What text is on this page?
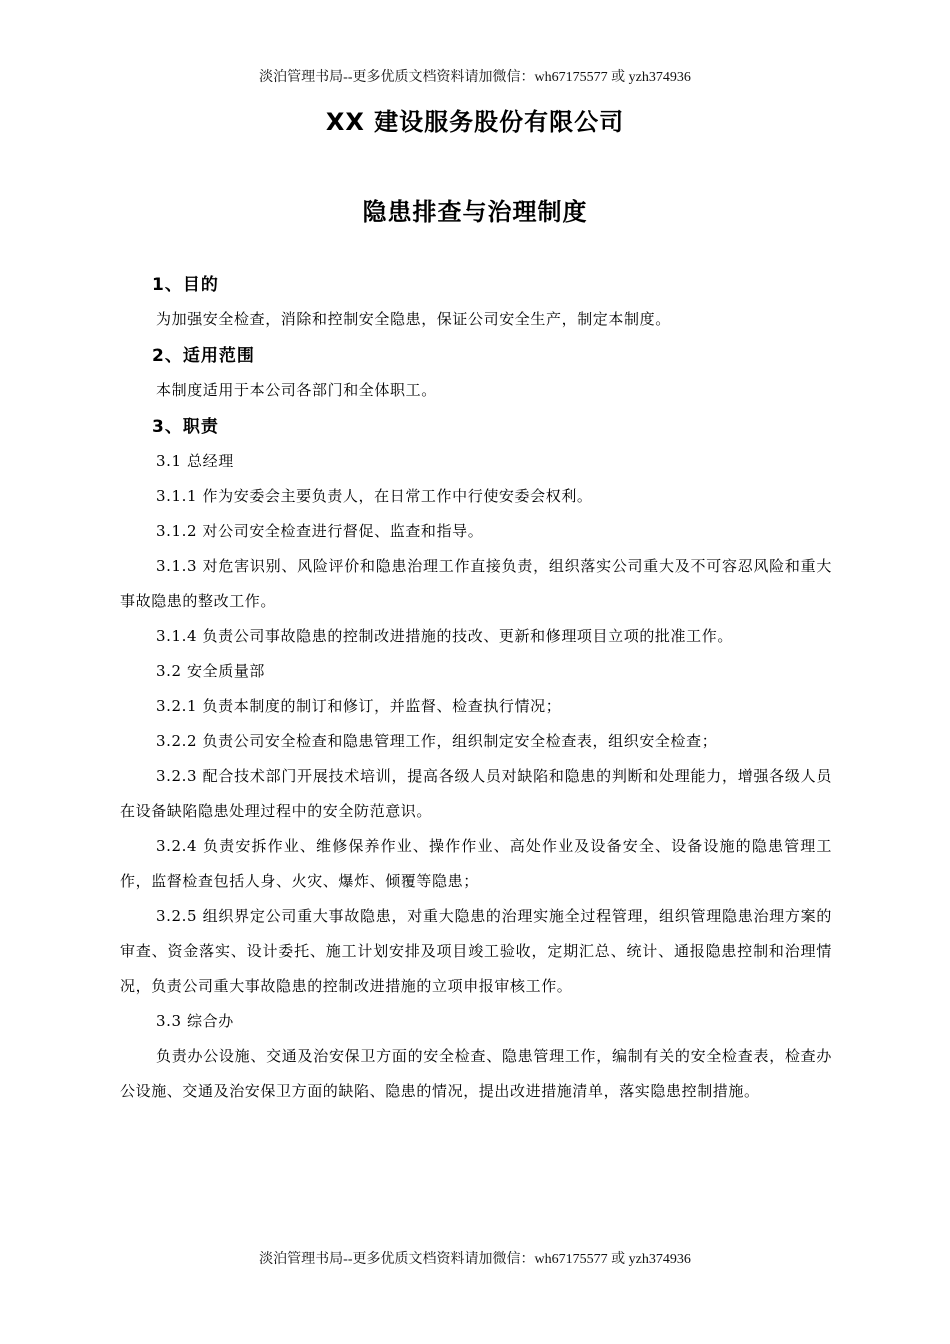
淡泊管理书局--更多优质文档资料请加微信：wh67175577 或 yzh374936
XX 建设服务股份有限公司
隐患排查与治理制度

1、目的

为加强安全检查，消除和控制安全隐患，保证公司安全生产，制定本制度。

2、适用范围

本制度适用于本公司各部门和全体职工。

3、职责

3.1 总经理

3.1.1 作为安委会主要负责人，在日常工作中行使安委会权利。

3.1.2 对公司安全检查进行督促、监查和指导。

3.1.3 对危害识别、风险评价和隐患治理工作直接负责，组织落实公司重大及不可容忍风险和重大事故隐患的整改工作。

3.1.4 负责公司事故隐患的控制改进措施的技改、更新和修理项目立项的批准工作。

3.2 安全质量部

3.2.1 负责本制度的制订和修订，并监督、检查执行情况；

3.2.2 负责公司安全检查和隐患管理工作，组织制定安全检查表，组织安全检查；

3.2.3 配合技术部门开展技术培训，提高各级人员对缺陷和隐患的判断和处理能力，增强各级人员在设备缺陷隐患处理过程中的安全防范意识。

3.2.4 负责安拆作业、维修保养作业、操作作业、高处作业及设备安全、设备设施的隐患管理工作，监督检查包括人身、火灾、爆炸、倾覆等隐患；

3.2.5 组织界定公司重大事故隐患，对重大隐患的治理实施全过程管理，组织管理隐患治理方案的审查、资金落实、设计委托、施工计划安排及项目竣工验收，定期汇总、统计、通报隐患控制和治理情况，负责公司重大事故隐患的控制改进措施的立项申报审核工作。

3.3 综合办

负责办公设施、交通及治安保卫方面的安全检查、隐患管理工作，编制有关的安全检查表，检查办公设施、交通及治安保卫方面的缺陷、隐患的情况，提出改进措施清单，落实隐患控制措施。

淡泊管理书局--更多优质文档资料请加微信：wh67175577 或 yzh374936
